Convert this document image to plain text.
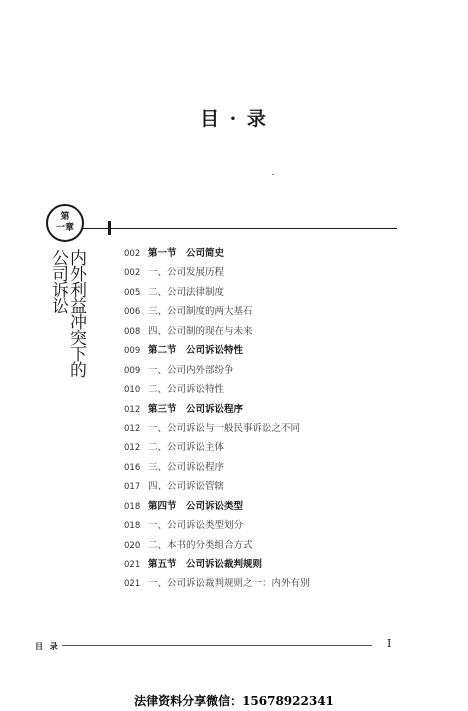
目 · 录
第
一章
内外利益冲突下的
公司诉讼	002 第一节　公司简史
002 一、公司发展历程
005 二、公司法律制度
006 三、公司制度的两大基石
008 四、公司制的现在与未来
009 第二节　公司诉讼特性
009 一、公司内外部纷争
010 二、公司诉讼特性
012 第三节　公司诉讼程序
012 一、公司诉讼与一般民事诉讼之不同
012 二、公司诉讼主体
016 三、公司诉讼程序
017 四、公司诉讼管辖
018 第四节　公司诉讼类型
018 一、公司诉讼类型划分
020 二、本书的分类组合方式
021 第五节　公司诉讼裁判规则
021 一、公司诉讼裁判规则之一：内外有别
目 录	I
法律资料分享微信：15678922341
